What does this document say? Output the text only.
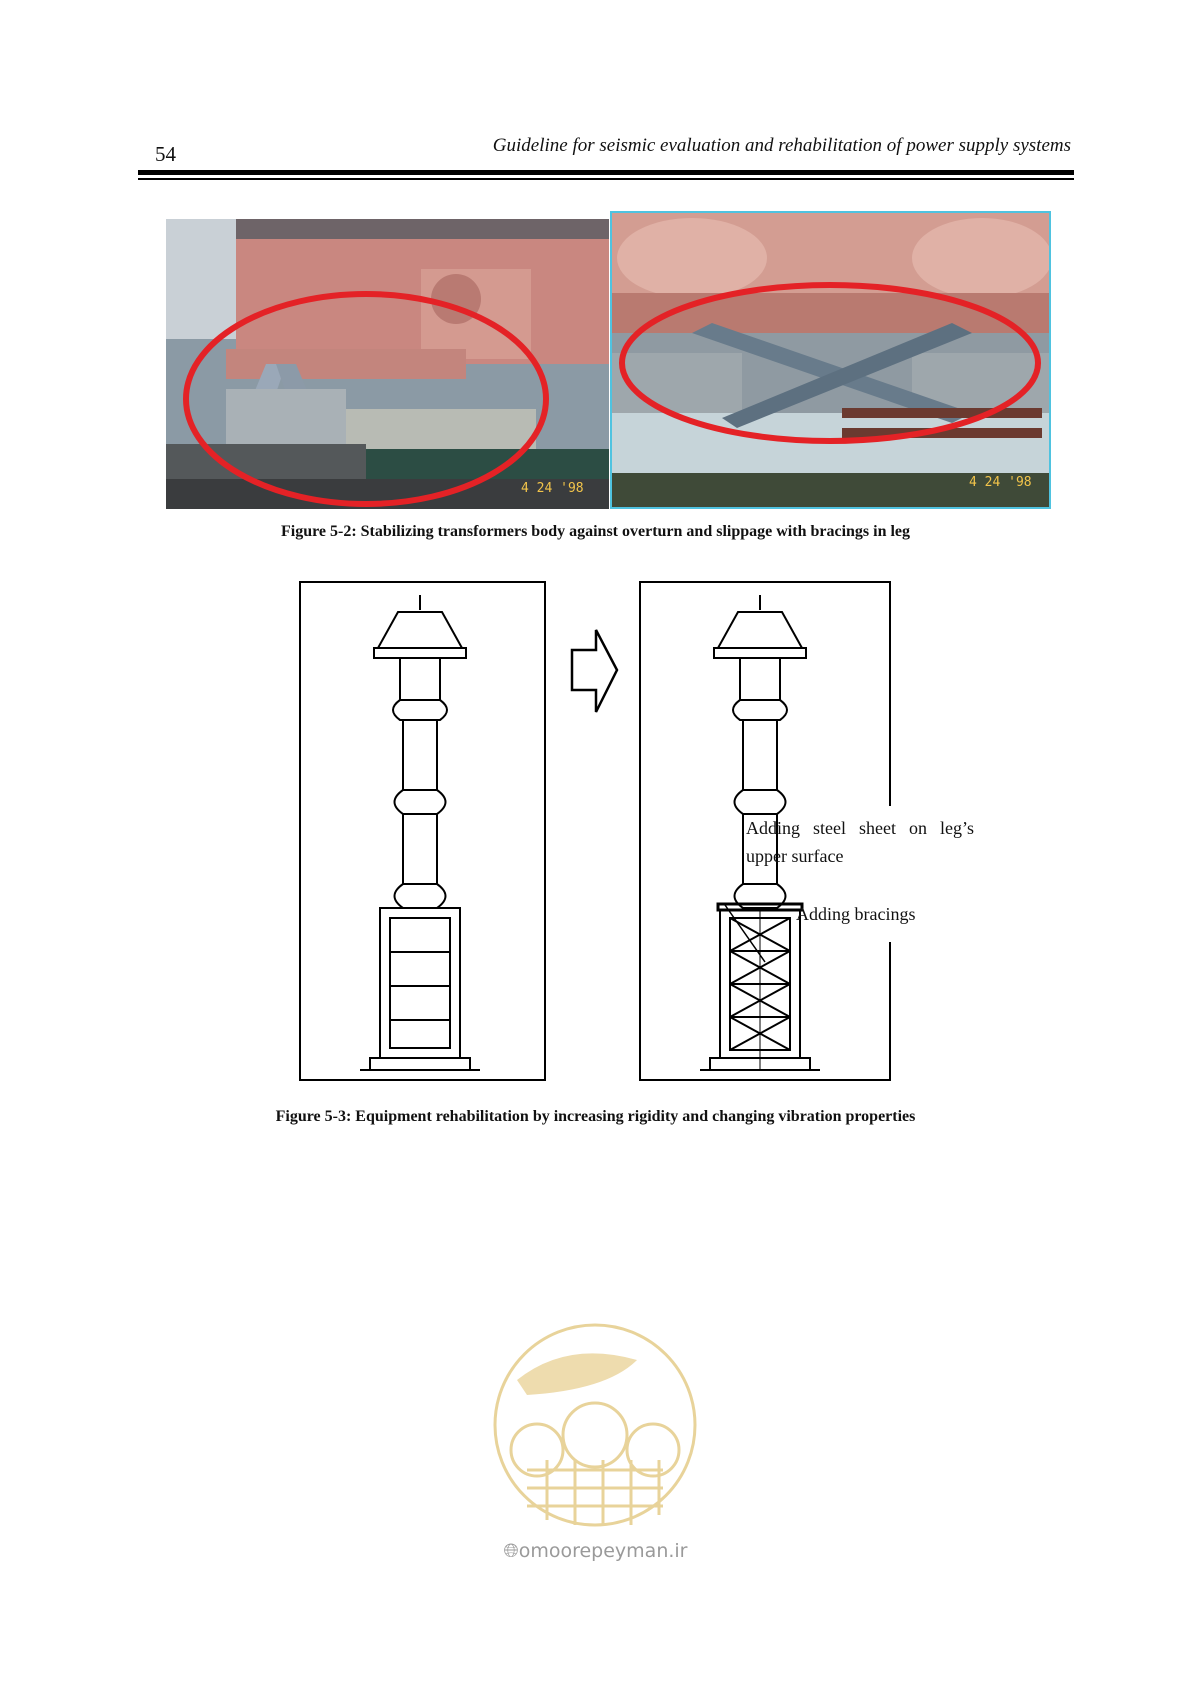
54	Guideline for seismic evaluation and rehabilitation of power supply systems
4 24 '98	4 24 '98
Figure 5-2: Stabilizing transformers body against overturn and slippage with bracings in leg
Adding steel sheet on leg’s
upper surface
Adding bracings
Figure 5-3: Equipment rehabilitation by increasing rigidity and changing vibration properties
🌐︎omoorepeyman.ir
